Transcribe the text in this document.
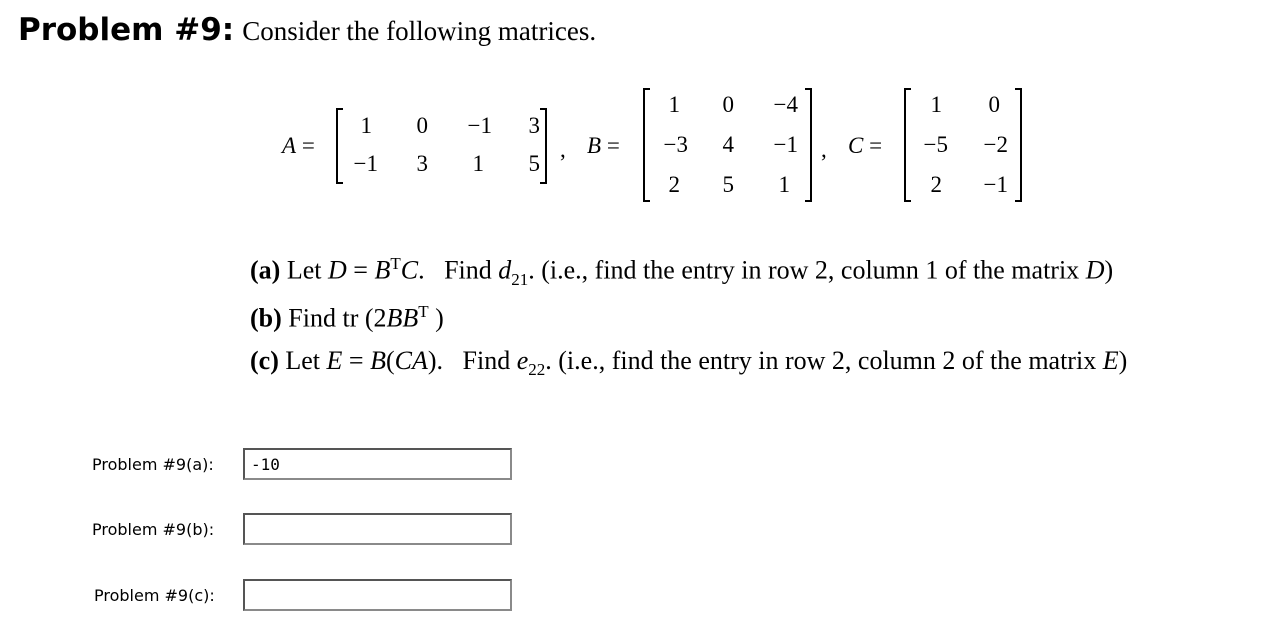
Problem #9: Consider the following matrices.
A =
1	0	−1	3
−1	3	1	5
, B =
1	0	−4
−3	4	−1
2	5	1
, C =
1	0
−5	−2
2	−1
(a) Let $D = B^TC$.   Find $d_{21}$. (i.e., find the entry in row 2, column 1 of the matrix D)
(b) Find tr ($2BB^T$ )
(c) Let E = B(CA).   Find $e_{22}$. (i.e., find the entry in row 2, column 2 of the matrix E)
Problem #9(a):
-10
Problem #9(b):
Problem #9(c):
